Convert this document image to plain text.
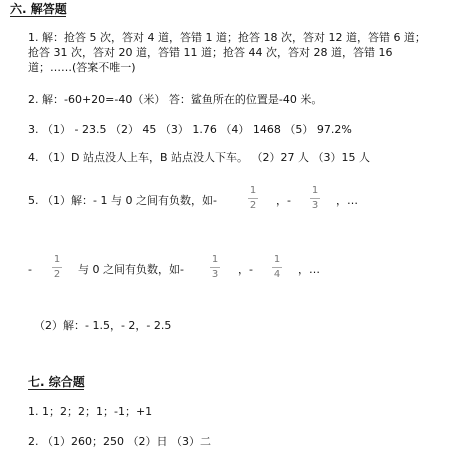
六. 解答题
1. 解：抢答 5 次，答对 4 道，答错 1 道；抢答 18 次，答对 12 道，答错 6 道；
抢答 31 次，答对 20 道，答错 11 道；抢答 44 次，答对 28 道，答错 16
道；……(答案不唯一)
2. 解：-60+20=-40（米） 答：鲨鱼所在的位置是-40 米。
3. （1） - 23.5 （2） 45 （3） 1.76 （4） 1468 （5） 97.2%
4. （1）D 站点没人上车，B 站点没人下车。 （2）27 人 （3）15 人
5. （1）解：- 1 与 0 之间有负数，如-
1
2	，-
1
3	，…
-
1
2	与 0 之间有负数，如-
1
3	，-
1
4	，…
（2）解：- 1.5，- 2，- 2.5
七. 综合题
1. 1；2；2；1；-1；+1
2. （1）260；250 （2）日 （3）二
